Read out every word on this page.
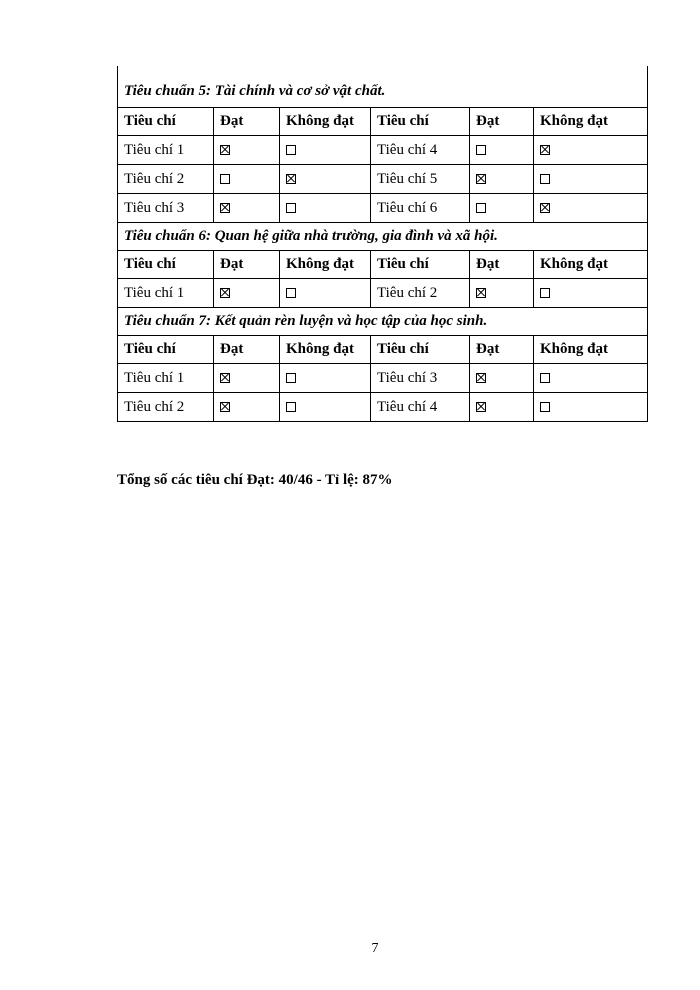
Tiêu chuẩn 5: Tài chính và cơ sở vật chất.					
Tiêu chí	Đạt	Không đạt	Tiêu chí	Đạt	Không đạt
Tiêu chí 1			Tiêu chí 4		
Tiêu chí 2			Tiêu chí 5		
Tiêu chí 3			Tiêu chí 6		
Tiêu chuẩn 6: Quan hệ giữa nhà trường, gia đình và xã hội.					
Tiêu chí	Đạt	Không đạt	Tiêu chí	Đạt	Không đạt
Tiêu chí 1			Tiêu chí 2		
Tiêu chuẩn 7: Kết quản rèn luyện và học tập của học sinh.					
Tiêu chí	Đạt	Không đạt	Tiêu chí	Đạt	Không đạt
Tiêu chí 1			Tiêu chí 3		
Tiêu chí 2			Tiêu chí 4		
Tổng số các tiêu chí Đạt: 40/46 - Tỉ lệ: 87%
7
